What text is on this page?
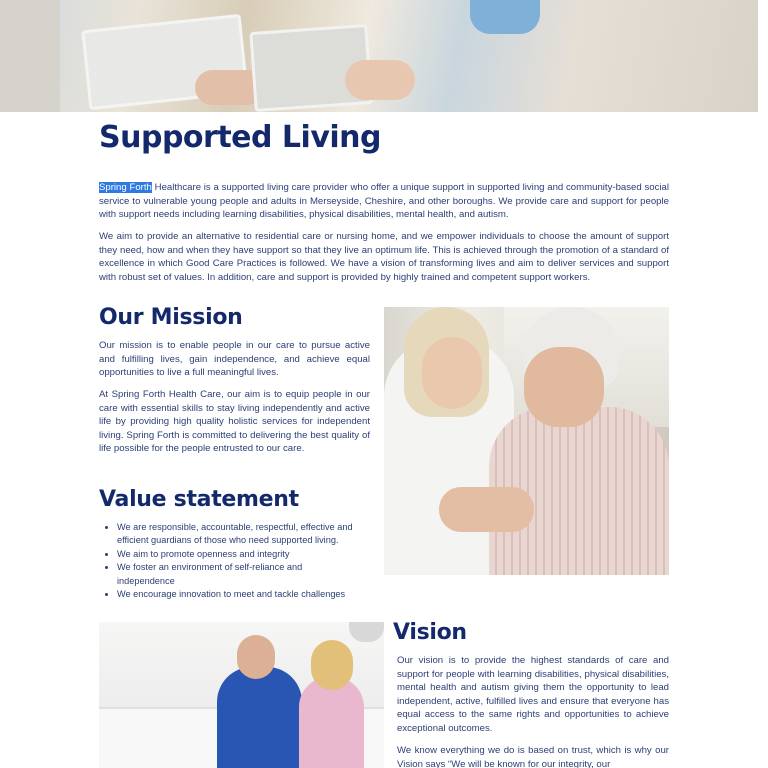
Supported Living

Spring Forth Healthcare is a supported living care provider who offer a unique support in supported living and community-based social service to vulnerable young people and adults in Merseyside, Cheshire, and other boroughs. We provide care and support for people with support needs including learning disabilities, physical disabilities, mental health, and autism.

We aim to provide an alternative to residential care or nursing home, and we empower individuals to choose the amount of support they need, how and when they have support so that they live an optimum life. This is achieved through the promotion of a standard of excellence in which Good Care Practices is followed. We have a vision of transforming lives and aim to deliver services and support with robust set of values. In addition, care and support is provided by highly trained and competent support workers.

Our Mission

Our mission is to enable people in our care to pursue active and fulfilling lives, gain independence, and achieve equal opportunities to live a full meaningful lives.

At Spring Forth Health Care, our aim is to equip people in our care with essential skills to stay living independently and active life by providing high quality holistic services for independent living. Spring Forth is committed to delivering the best quality of life possible for the people entrusted to our care.

Value statement
• We are responsible, accountable, respectful, effective and efficient guardians of those who need supported living.
• We aim to promote openness and integrity
• We foster an environment of self-reliance and independence
• We encourage innovation to meet and tackle challenges
Vision

Our vision is to provide the highest standards of care and support for people with learning disabilities, physical disabilities, mental health and autism giving them the opportunity to lead independent, active, fulfilled lives and ensure that everyone has equal access to the same rights and opportunities to achieve exceptional outcomes.

We know everything we do is based on trust, which is why our Vision says “We will be known for our integrity, our
